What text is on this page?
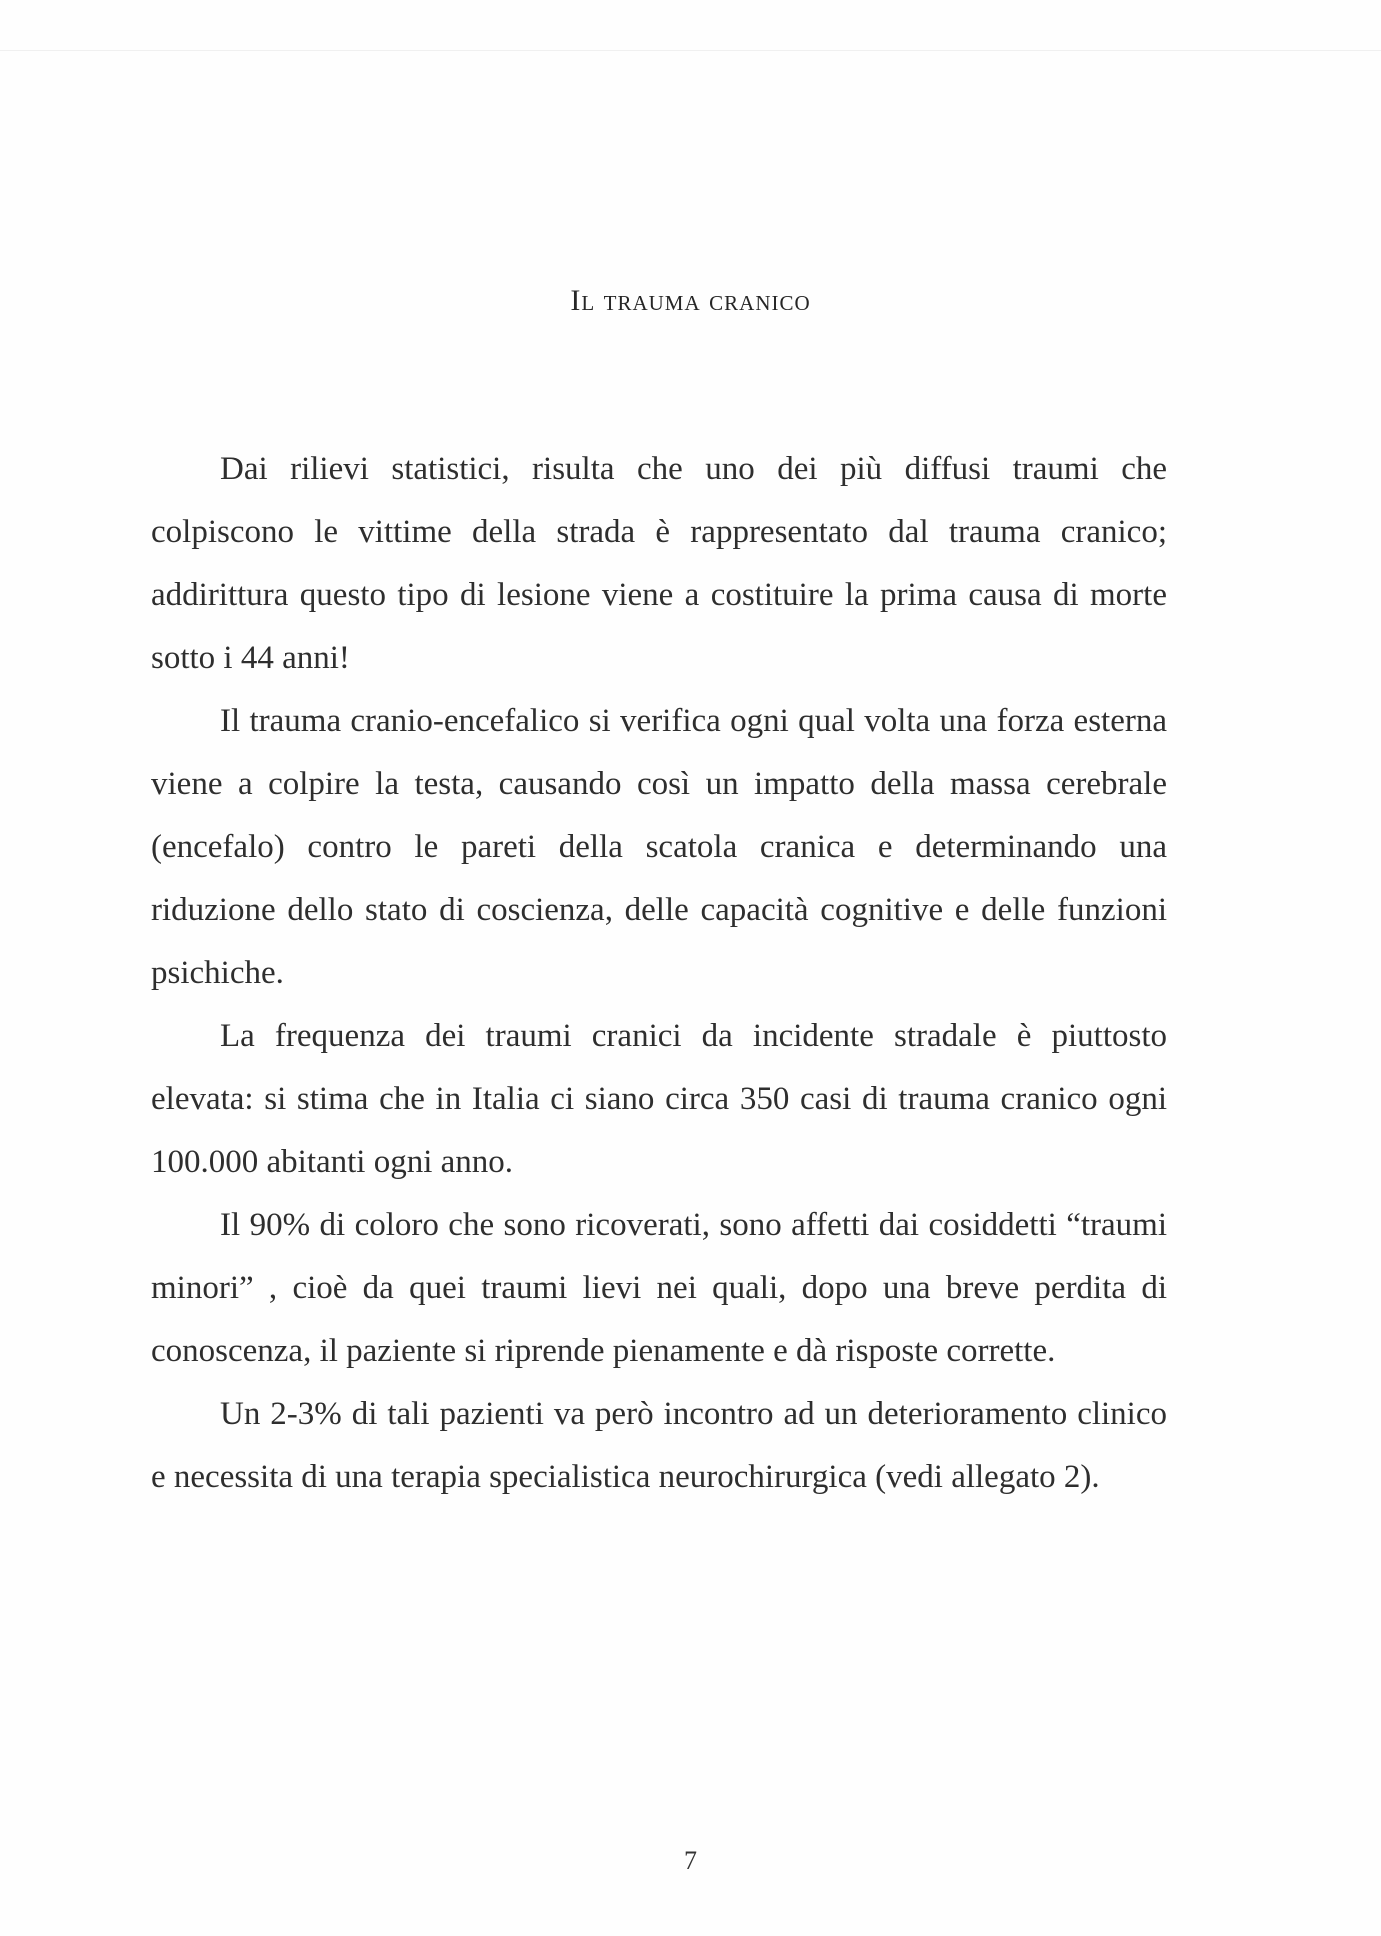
Il trauma cranico

Dai rilievi statistici, risulta che uno dei più diffusi traumi che colpiscono le vittime della strada è rappresentato dal trauma cranico; addirittura questo tipo di lesione viene a costituire la prima causa di morte sotto i 44 anni!

Il trauma cranio-encefalico si verifica ogni qual volta una forza esterna viene a colpire la testa, causando così un impatto della massa cerebrale (encefalo) contro le pareti della scatola cranica e determinando una riduzione dello stato di coscienza, delle capacità cognitive e delle funzioni psichiche.

La frequenza dei traumi cranici da incidente stradale è piuttosto elevata: si stima che in Italia ci siano circa 350 casi di trauma cranico ogni 100.000 abitanti ogni anno.

Il 90% di coloro che sono ricoverati, sono affetti dai cosiddetti “traumi minori” , cioè da quei traumi lievi nei quali, dopo una breve perdita di conoscenza, il paziente si riprende pienamente e dà risposte corrette.

Un 2-3% di tali pazienti va però incontro ad un deterioramento clinico e necessita di una terapia specialistica neurochirurgica (vedi allegato 2).

7
